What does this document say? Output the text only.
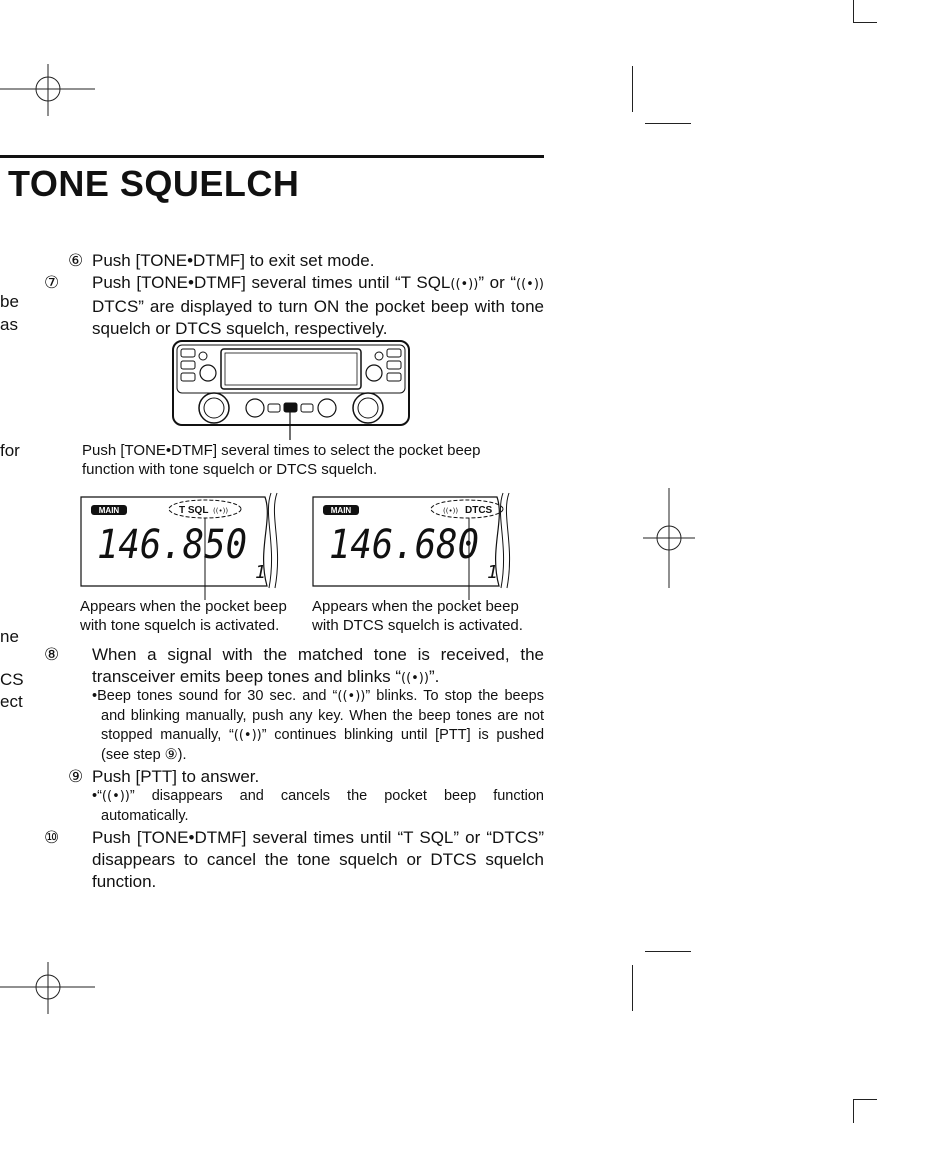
TONE SQUELCH
be
as
for
ne
CS
ect
⑥ Push [TONE•DTMF] to exit set mode.
⑦ Push [TONE•DTMF] several times until “T SQL((•))” or “((•)) DTCS” are displayed to turn ON the pocket beep with tone squelch or DTCS squelch, respectively.
Push [TONE•DTMF] several times to select the pocket beep function with tone squelch or DTCS squelch.
MAIN	T SQL ((•))
146.850
1
Appears when the pocket beep with tone squelch is activated.
MAIN	((•)) DTCS
146.680
1
Appears when the pocket beep with DTCS squelch is activated.
⑧ When a signal with the matched tone is received, the transceiver emits beep tones and blinks “((•))”.
•Beep tones sound for 30 sec. and “((•))” blinks. To stop the beeps and blinking manually, push any key. When the beep tones are not stopped manually, “((•))” continues blinking until [PTT] is pushed (see step ⑨).
⑨ Push [PTT] to answer.
•“((•))” disappears and cancels the pocket beep function automatically.
⑩ Push [TONE•DTMF] several times until “T SQL” or “DTCS” disappears to cancel the tone squelch or DTCS squelch function.
